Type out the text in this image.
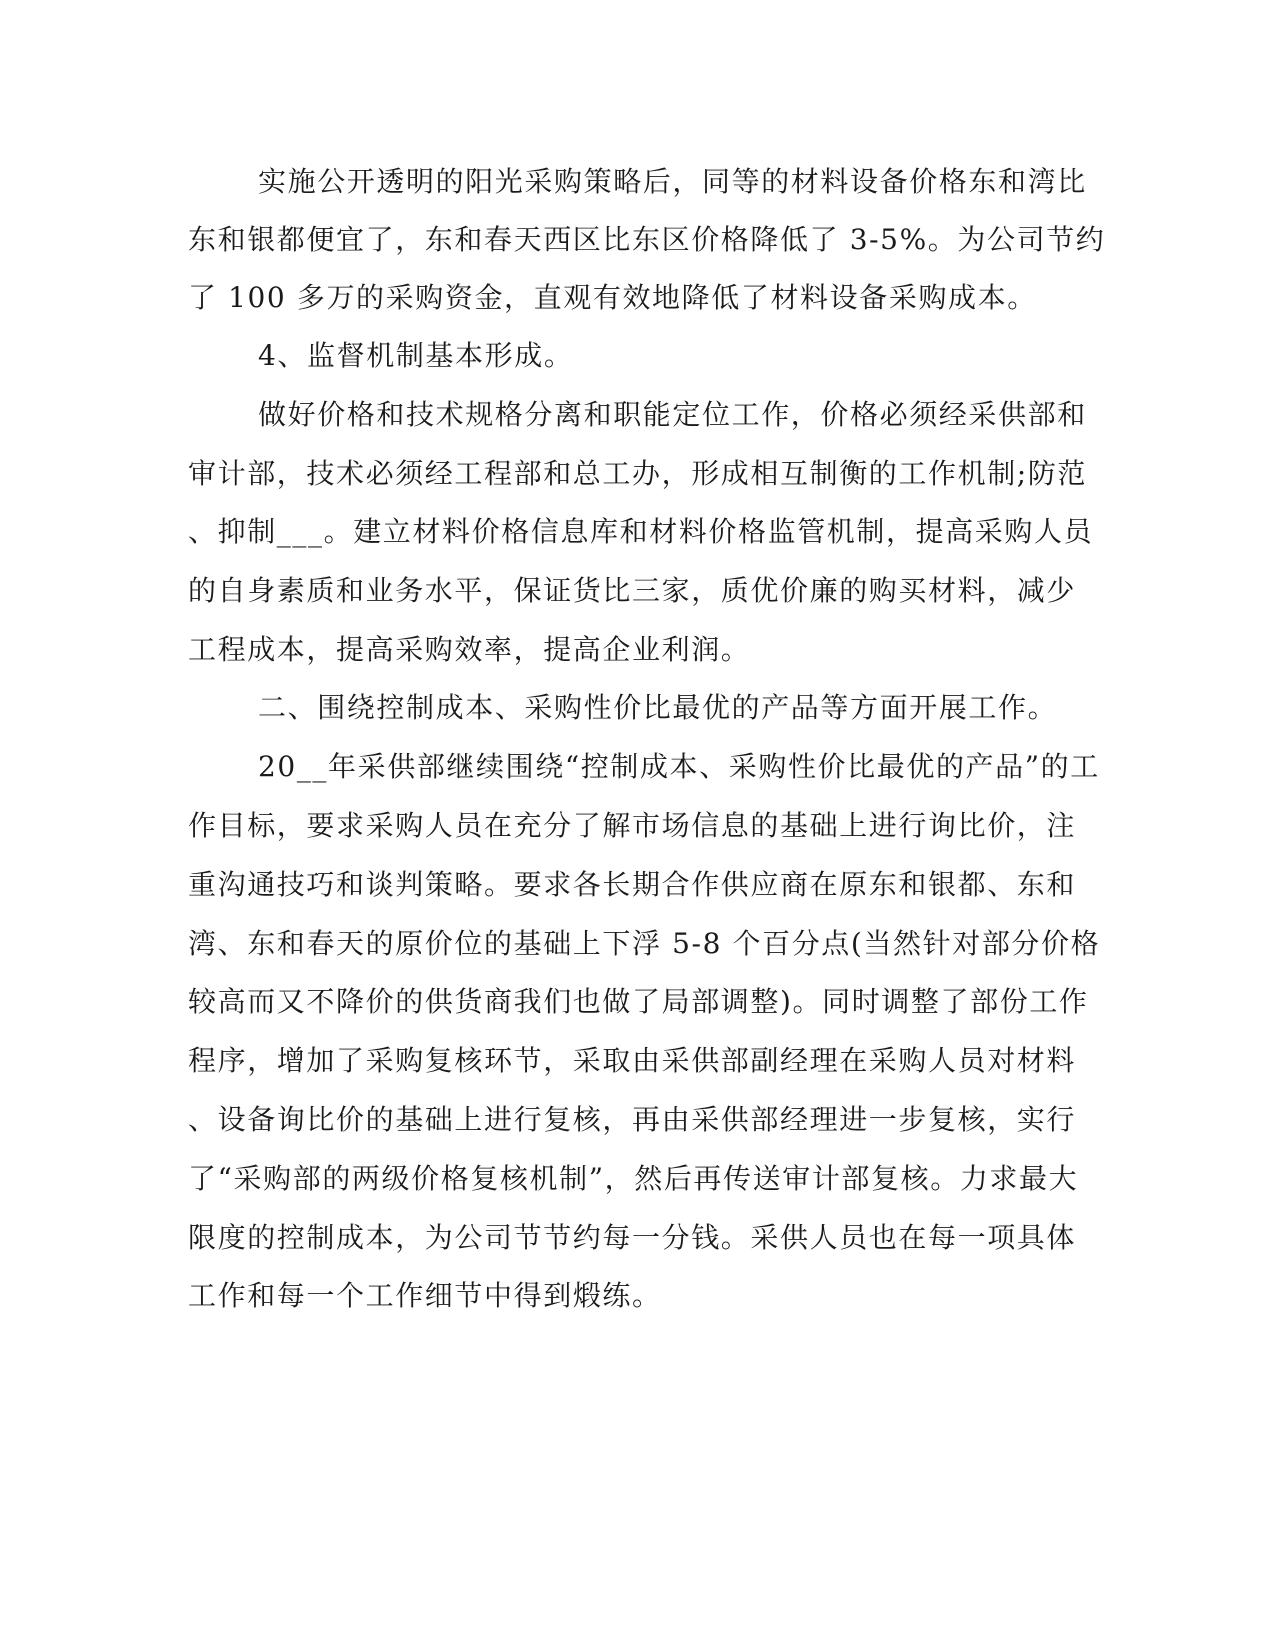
实施公开透明的阳光采购策略后，同等的材料设备价格东和湾比
东和银都便宜了，东和春天西区比东区价格降低了 3-5%。为公司节约
了 100 多万的采购资金，直观有效地降低了材料设备采购成本。
4、监督机制基本形成。
做好价格和技术规格分离和职能定位工作，价格必须经采供部和
审计部，技术必须经工程部和总工办，形成相互制衡的工作机制;防范
、抑制___。建立材料价格信息库和材料价格监管机制，提高采购人员
的自身素质和业务水平，保证货比三家，质优价廉的购买材料，减少
工程成本，提高采购效率，提高企业利润。
二、围绕控制成本、采购性价比最优的产品等方面开展工作。
20__年采供部继续围绕“控制成本、采购性价比最优的产品”的工
作目标，要求采购人员在充分了解市场信息的基础上进行询比价，注
重沟通技巧和谈判策略。要求各长期合作供应商在原东和银都、东和
湾、东和春天的原价位的基础上下浮 5-8 个百分点(当然针对部分价格
较高而又不降价的供货商我们也做了局部调整)。同时调整了部份工作
程序，增加了采购复核环节，采取由采供部副经理在采购人员对材料
、设备询比价的基础上进行复核，再由采供部经理进一步复核，实行
了“采购部的两级价格复核机制”，然后再传送审计部复核。力求最大
限度的控制成本，为公司节节约每一分钱。采供人员也在每一项具体
工作和每一个工作细节中得到煅练。
